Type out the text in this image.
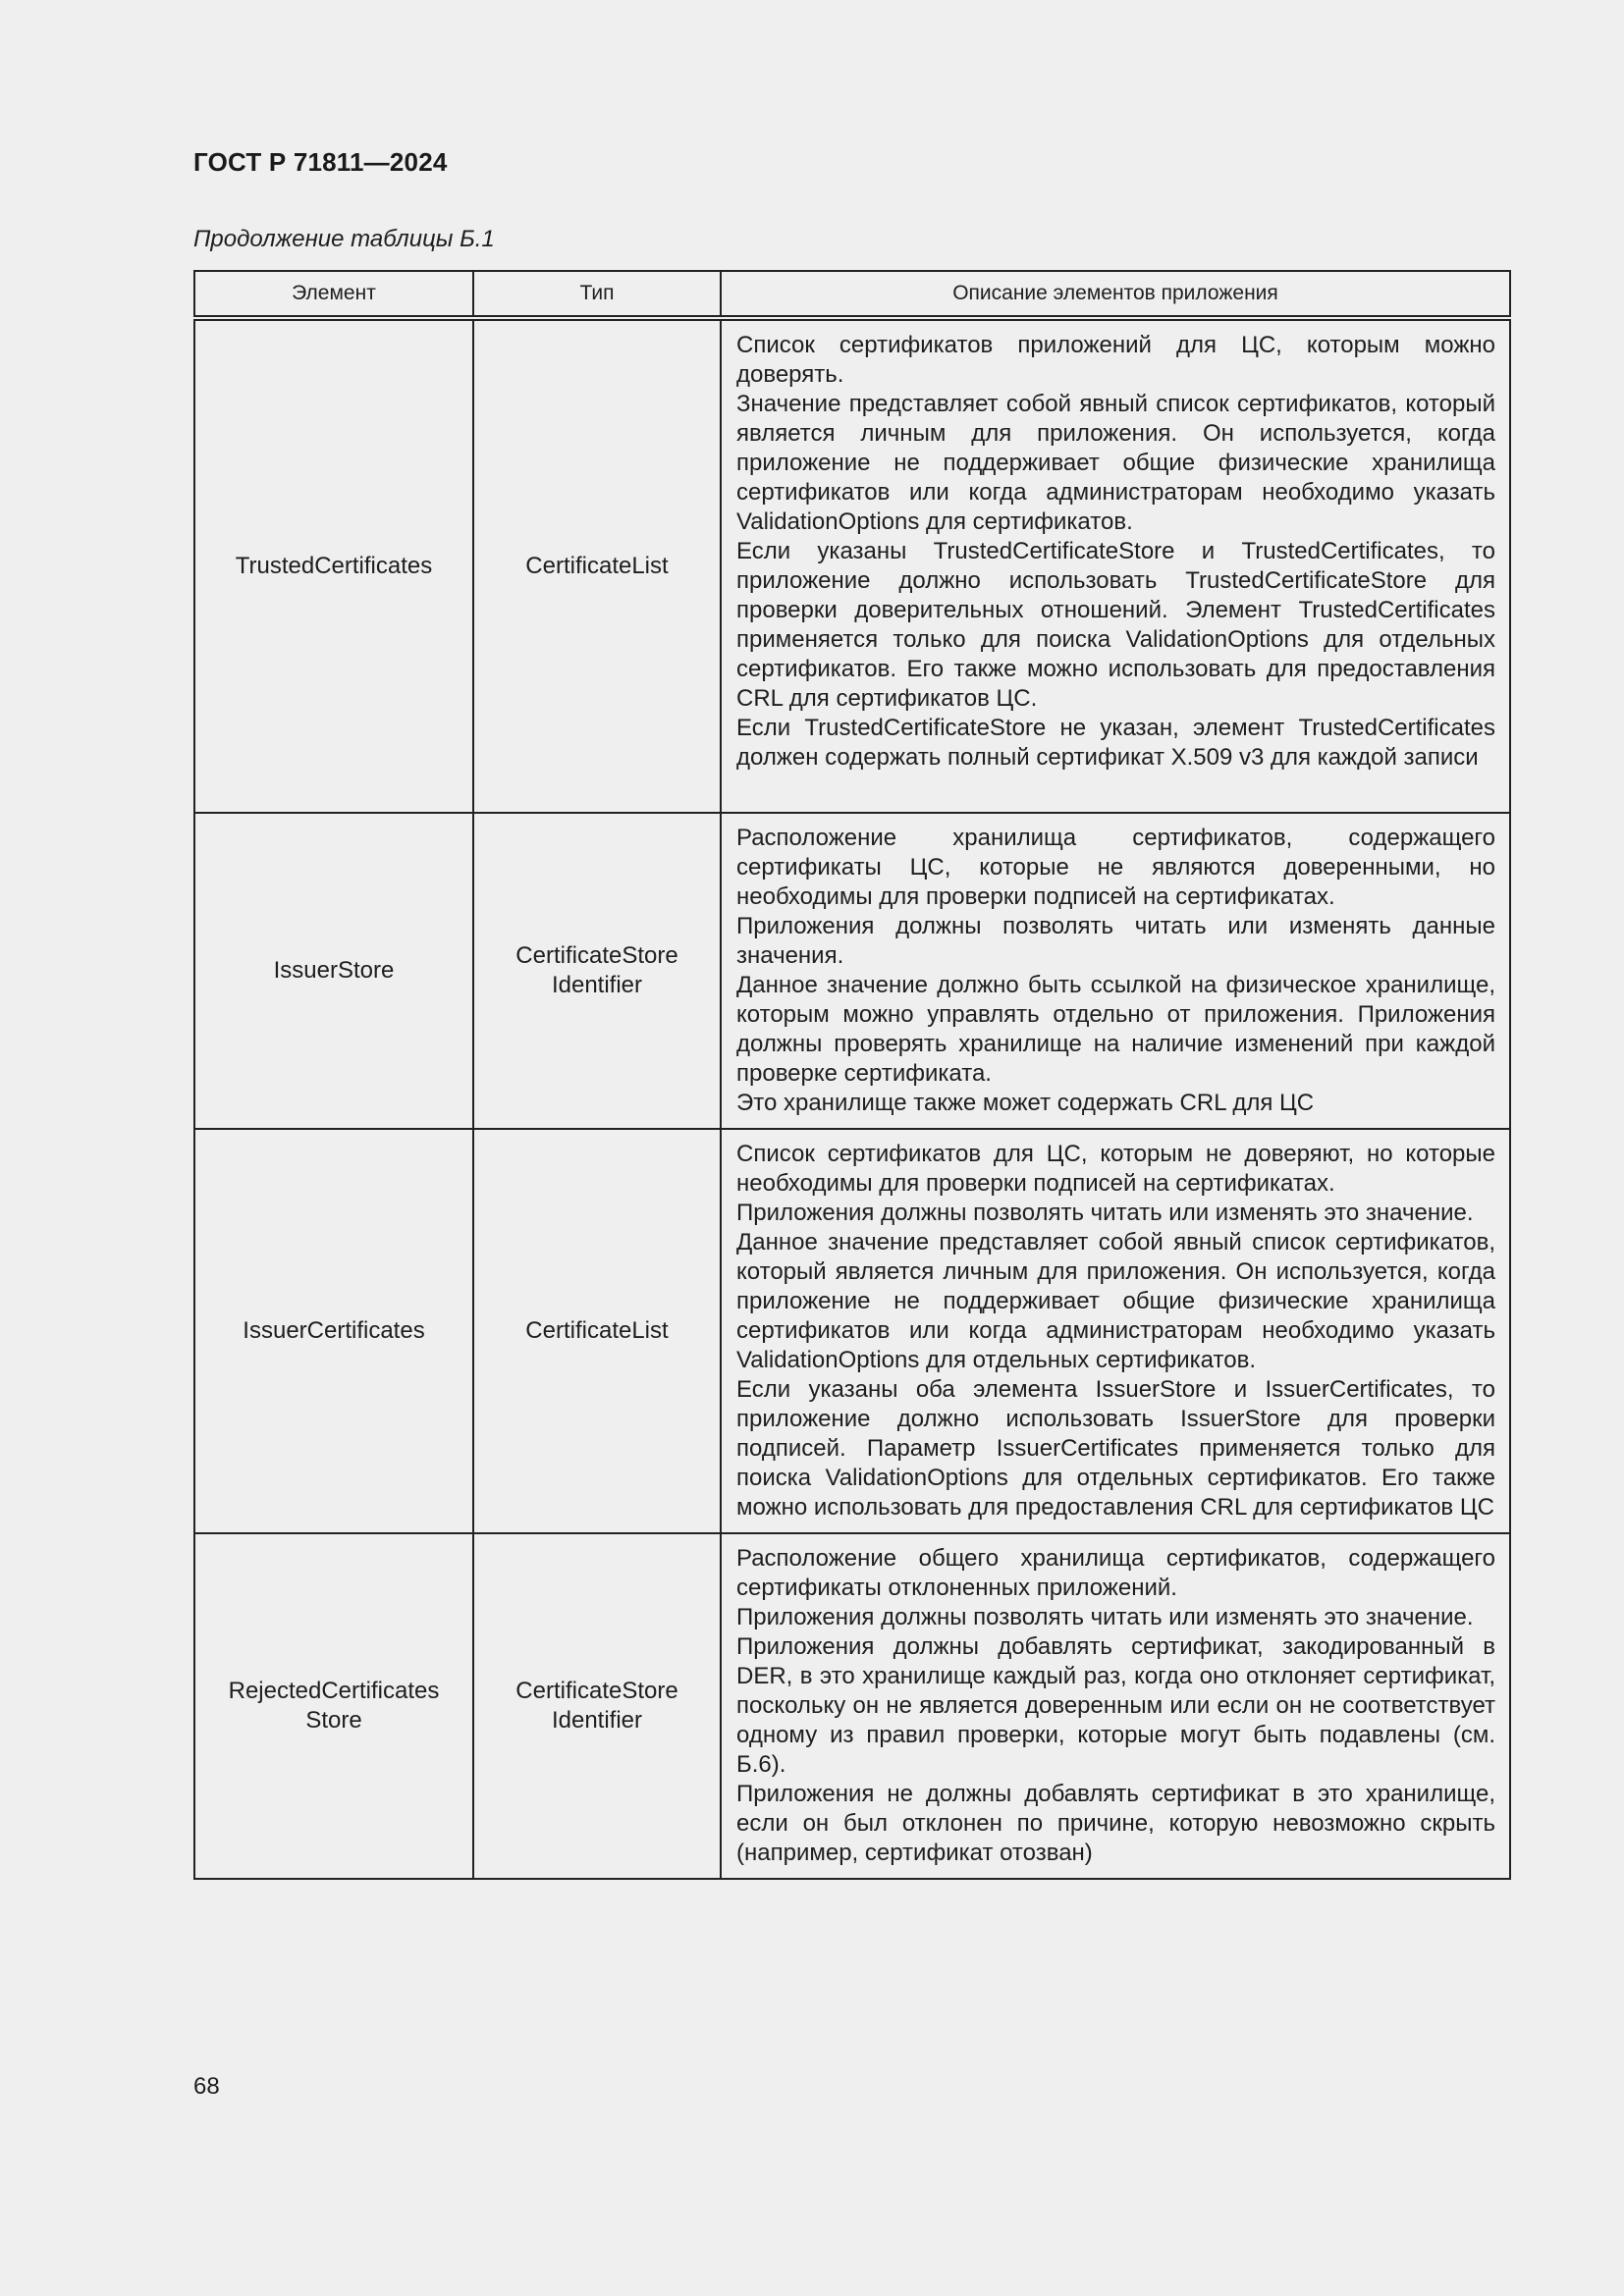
ГОСТ Р 71811—2024
Продолжение таблицы Б.1
Элемент	Тип	Описание элементов приложения
TrustedCertificates	CertificateList	Список сертификатов приложений для ЦС, которым можно доверять.
Значение представляет собой явный список сертификатов, который является личным для приложения. Он используется, когда приложение не поддерживает общие физические хранилища сертификатов или когда администраторам необходимо указать ValidationOptions для сертификатов.
Если указаны TrustedCertificateStore и TrustedCertificates, то приложение должно использовать TrustedCertificateStore для проверки доверительных отношений. Элемент TrustedCertificates применяется только для поиска ValidationOptions для отдельных сертификатов. Его также можно использовать для предоставления CRL для сертификатов ЦС.
Если TrustedCertificateStore не указан, элемент TrustedCertificates должен содержать полный сертификат X.509 v3 для каждой записи

IssuerStore	CertificateStore Identifier	Расположение хранилища сертификатов, содержащего сертификаты ЦС, которые не являются доверенными, но необходимы для проверки подписей на сертификатах.
Приложения должны позволять читать или изменять данные значения.
Данное значение должно быть ссылкой на физическое хранилище, которым можно управлять отдельно от приложения. Приложения должны проверять хранилище на наличие изменений при каждой проверке сертификата.
Это хранилище также может содержать CRL для ЦС

IssuerCertificates	CertificateList	Список сертификатов для ЦС, которым не доверяют, но которые необходимы для проверки подписей на сертификатах.
Приложения должны позволять читать или изменять это значение.
Данное значение представляет собой явный список сертификатов, который является личным для приложения. Он используется, когда приложение не поддерживает общие физические хранилища сертификатов или когда администраторам необходимо указать ValidationOptions для отдельных сертификатов.
Если указаны оба элемента IssuerStore и IssuerCertificates, то приложение должно использовать IssuerStore для проверки подписей. Параметр IssuerCertificates применяется только для поиска ValidationOptions для отдельных сертификатов. Его также можно использовать для предоставления CRL для сертификатов ЦС

RejectedCertificates Store	CertificateStore Identifier	Расположение общего хранилища сертификатов, содержащего сертификаты отклоненных приложений.
Приложения должны позволять читать или изменять это значение.
Приложения должны добавлять сертификат, закодированный в DER, в это хранилище каждый раз, когда оно отклоняет сертификат, поскольку он не является доверенным или если он не соответствует одному из правил проверки, которые могут быть подавлены (см. Б.6).
Приложения не должны добавлять сертификат в это хранилище, если он был отклонен по причине, которую невозможно скрыть (например, сертификат отозван)
68
